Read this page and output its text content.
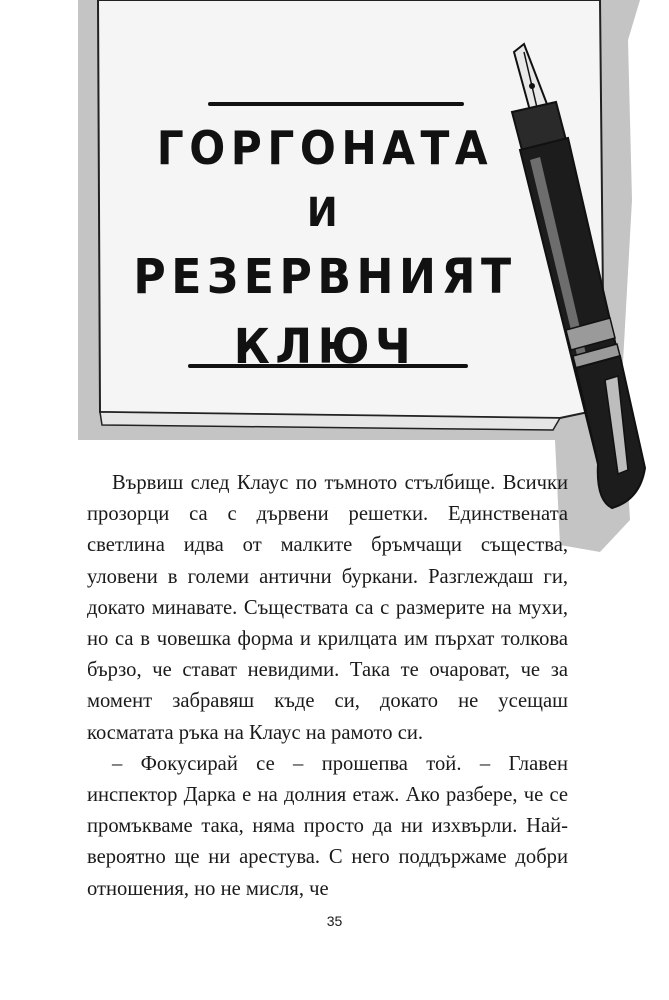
ГОРГОНАТА
И
РЕЗЕРВНИЯТ
КЛЮЧ

Вървиш след Клаус по тъмното стълбище. Всички прозорци са с дървени решетки. Единствената светлина идва от малките бръмчащи същества, уловени в големи антични буркани. Разглеждаш ги, докато минавате. Съществата са с размерите на мухи, но са в човешка форма и крилцата им пърхат толкова бързо, че стават невидими. Така те очароват, че за момент забравяш къде си, докато не усещаш косматата ръка на Клаус на рамото си.

– Фокусирай се – прошепва той. – Главен инспектор Дарка е на долния етаж. Ако разбере, че се промъкваме така, няма просто да ни изхвърли. Най-вероятно ще ни арестува. С него поддържаме добри отношения, но не мисля, че

35
